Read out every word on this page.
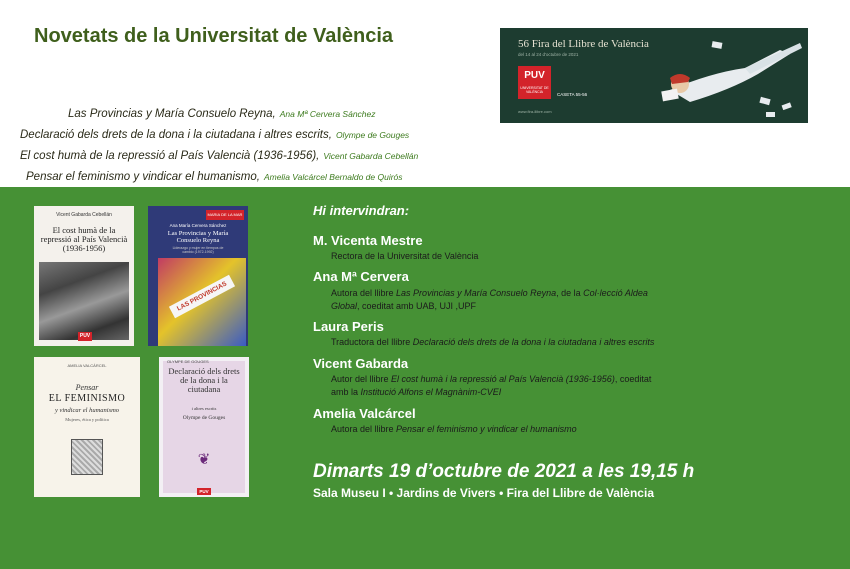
Novetats de la Universitat de València
Las Provincias y María Consuelo Reyna, Ana Mª Cervera Sánchez
Declaració dels drets de la dona i la ciutadana i altres escrits, Olympe de Gouges
El cost humà de la repressió al País Valencià (1936-1956), Vicent Gabarda Cebellán
Pensar el feminismo y vindicar el humanismo, Amelia Valcárcel Bernaldo de Quirós
56 Fira del Llibre de València
del 14 al 24 d'octubre de 2021
PUV
UNIVERSITAT DE VALÈNCIA	CASETA 55-56
www.fira-llibre.com
Vicent Gabarda Cebellán
El cost humà de la repressió al País Valencià (1936-1956)
PUV
MARIA DE LA MAR
Ana María Cervera Sánchez
Las Provincias y María Consuelo Reyna
Liderazgo y mujer en tiempos de cambio (1972-1992)
LAS PROVINCIAS
AMELIA VALCÁRCEL
Pensar
EL FEMINISMO
y vindicar el humanismo
Mujeres, ética y política
OLYMPE DE GOUGES
Declaració dels drets de la dona i la ciutadana
i altres escrits
Olympe de Gouges
❦
PUV
Hi intervindran:
M. Vicenta Mestre
Rectora de la Universitat de València
Ana Mª Cervera
Autora del llibre Las Provincias y María Consuelo Reyna, de la Col·lecció Aldea
Global, coeditat amb UAB, UJI ,UPF
Laura Peris
Traductora del llibre Declaració dels drets de la dona i la ciutadana i altres escrits
Vicent Gabarda
Autor del llibre El cost humà i la repressió al País Valencià (1936-1956), coeditat
amb la Institució Alfons el Magnànim-CVEI
Amelia Valcárcel
Autora del llibre Pensar el feminismo y vindicar el humanismo
Dimarts 19 d’octubre de 2021 a les 19,15 h
Sala Museu I • Jardins de Vivers • Fira del Llibre de València
